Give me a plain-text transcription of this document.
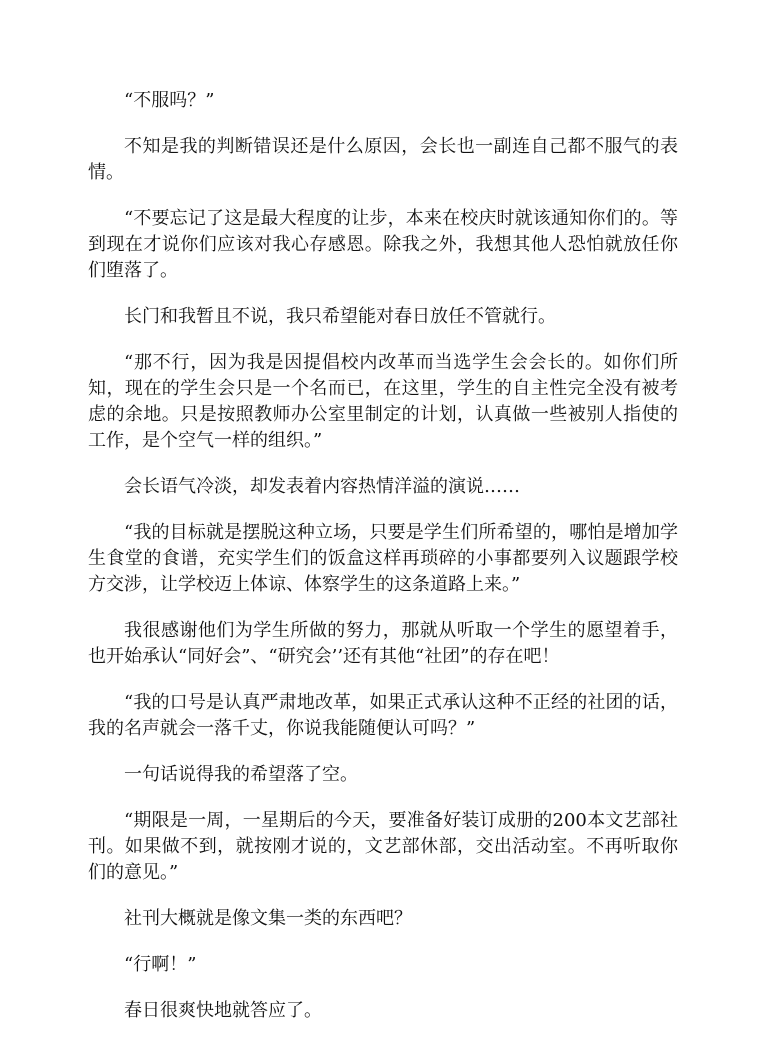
“不服吗？”

不知是我的判断错误还是什么原因，会长也一副连自己都不服气的表情。

“不要忘记了这是最大程度的让步，本来在校庆时就该通知你们的。等到现在才说你们应该对我心存感恩。除我之外，我想其他人恐怕就放任你们堕落了。

长门和我暂且不说，我只希望能对春日放任不管就行。

“那不行，因为我是因提倡校内改革而当选学生会会长的。如你们所知，现在的学生会只是一个名而已，在这里，学生的自主性完全没有被考虑的余地。只是按照教师办公室里制定的计划，认真做一些被别人指使的工作，是个空气一样的组织。”

会长语气冷淡，却发表着内容热情洋溢的演说……

“我的目标就是摆脱这种立场，只要是学生们所希望的，哪怕是增加学生食堂的食谱，充实学生们的饭盒这样再琐碎的小事都要列入议题跟学校方交涉，让学校迈上体谅、体察学生的这条道路上来。”

我很感谢他们为学生所做的努力，那就从听取一个学生的愿望着手，也开始承认“同好会”、“研究会’’还有其他“社团”的存在吧！

“我的口号是认真严肃地改革，如果正式承认这种不正经的社团的话，我的名声就会一落千丈，你说我能随便认可吗？”

一句话说得我的希望落了空。

“期限是一周，一星期后的今天，要准备好装订成册的200本文艺部社刊。如果做不到，就按刚才说的，文艺部休部，交出活动室。不再听取你们的意见。”

社刊大概就是像文集一类的东西吧？

“行啊！”

春日很爽快地就答应了。
